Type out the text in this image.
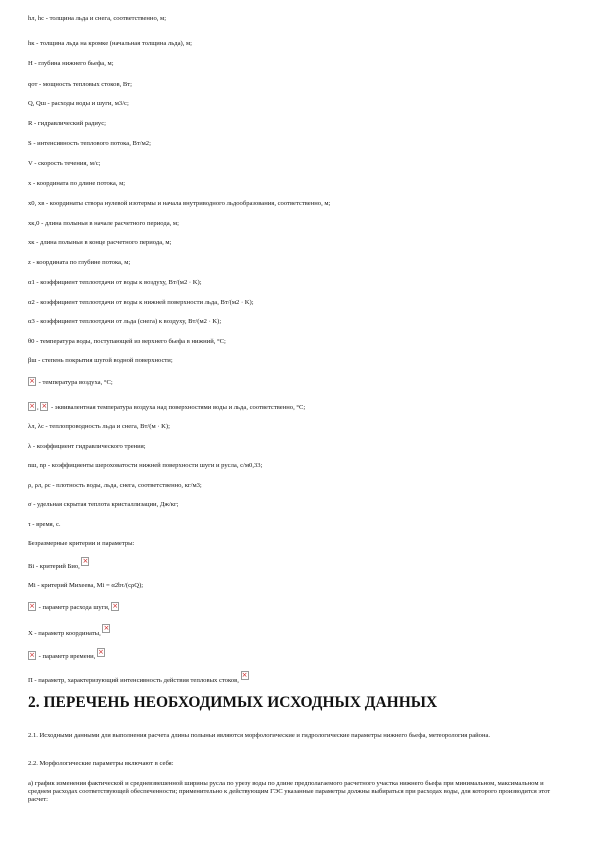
hл, hс - толщина льда и снега, соответственно, м;
hк - толщина льда на кромке (начальная толщина льда), м;
H - глубина нижнего бьефа, м;
qот - мощность тепловых стоков, Вт;
Q, Qш - расходы воды и шуги, м3/с;
R - гидравлический радиус;
S - интенсивность теплового потока, Вт/м2;
V - скорость течения, м/с;
x - координата по длине потока, м;
x0, xв - координаты створа нулевой изотермы и начала внутриводного льдообразования, соответственно, м;
xк,0 - длина полыньи в начале расчетного периода, м;
xк - длина полыньи в конце расчетного периода, м;
z - координата по глубине потока, м;
α1 - коэффициент теплоотдачи от воды к воздуху, Вт/(м2 · K);
α2 - коэффициент теплоотдачи от воды к нижней поверхности льда, Вт/(м2 · K);
α3 - коэффициент теплоотдачи от льда (снега) к воздуху, Вт/(м2 · K);
θ0 - температура воды, поступающей из верхнего бьефа в нижний, °C;
βш - степень покрытия шугой водной поверхности;
× - температура воздуха, °C;
×, × - эквивалентная температура воздуха над поверхностями воды и льда, соответственно, °C;
λл, λс - теплопроводность льда и снега, Вт/(м · K);
λ - коэффициент гидравлического трения;
nш, nр - коэффициенты шероховатости нижней поверхности шуги и русла, с/м0,33;
ρ, ρл, ρс - плотность воды, льда, снега, соответственно, кг/м3;
σ - удельная скрытая теплота кристаллизации, Дж/кг;
τ - время, с.
Безразмерные критерии и параметры:
Bi - критерий Био, ×
Mi - критерий Михеева, Mi = α2bτ/(cρQ);
× - параметр расхода шуги, ×
X - параметр координаты, ×
× - параметр времени, ×
П - параметр, характеризующий интенсивность действия тепловых стоков, ×
2. ПЕРЕЧЕНЬ НЕОБХОДИМЫХ ИСХОДНЫХ ДАННЫХ
2.1. Исходными данными для выполнения расчета длины полыньи являются морфологические и гидрологические параметры нижнего бьефа, метеорология района.
2.2. Морфологические параметры включают в себя:
а) график изменения фактической и средневзвешенной ширины русла по урезу воды по длине предполагаемого расчетного участка нижнего бьефа при минимальном, максимальном и среднем расходах соответствующей обеспеченности; применительно к действующим ГЭС указанные параметры должны выбираться при расходах воды, для которого производится этот расчет:
